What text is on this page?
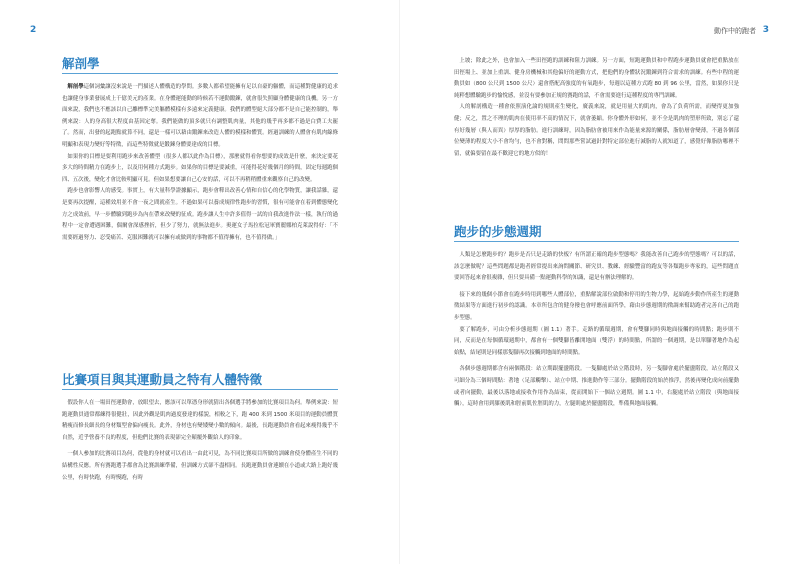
2
解剖學

解剖學這個詞彙讓沒來說是一門描述人體構造的學問。多數人都希望能擁有足以自豪的軀體，而這種對健康的追求也讓健身事業發展成上千億美元的產業。在身體運能動的時候若不運動鍛鍊，就會很失照顧身體健康的良機。另一方面來說，我們也不應該以自己離標準完美軀體模樣有多遠來定義健康。我們的體型絕大部分都不是自己能控制的，舉例來說：人的身高很大程度由基因定奪。我們能做的頂多就只有調整肌肉量，其他的幾乎再多都不過是白費工夫罷了。然而，出發的起跑點就算不同，還是一樣可以藉由鍛鍊來改造人體的模樣和體質。經過訓練的人體會有肌肉線條明顯和表現力變好等特徵，而這些特徵就是鍛鍊身體要達成的目標。

如果你的目標是要利用跑步來改善體型（很多人都以此作為目標），那麼就得看你想要的成效是什麼，來決定要花多大的時間精力在跑步上，以及用何種方式跑步。如果你的目標是要減重，可能得花好幾個月的時間，固定每週跑個四、五次後，變化才會比較明顯可見。但如果想要讓自己心安的話，可以不再稍稍體重來觀察自己的改變。

跑步也會影響人的感受。事實上，有大量科學證據顯示，跑步會釋出改善心情和自信心的化學物質，讓我話雜，還是要再次提醒，這種效用並不會一夜之間就產生。不過如果可以養成規律性跑步的習慣，很有可能會在着到體態變化方之成效前，早一步體驗到跑步為內在帶來改變的征成。跑步讓人生中許多值得一試的自我改進作法一樣，執行的過程中一定會遭遇困難，偶爾會深感挫折，但少了努力，就無法進步。奧運女子馬拉松冠軍寶麗娜柏克萊說得好：「不需要經過努力、忍受痛苦、克服困難就可以擁有或做到的事物都不值得擁有，也不值得做。」

比賽項目與其運動員之特有人體特徵

假設你人在一場田徑運動會，放眼望去，應該可以單憑身形就猜出各個選手將參加的比賽項目為何。舉例來說：短跑運動員通常都練得很健壯，因此外觀是肌肉過度發達的樣貌，相較之下，跑 400 米到 1500 米項目的運動員體質精瘦而修長細長的身材類型會偏向瘦長。此外，身材也有變矮變小數的傾向。最後，長跑運動員會看起來瘦得幾乎不自然，近乎營養不良的程度，但他們比賽的表現卻完全顛覆外觀給人的印象。

一個人參加的比賽項目為何，從他的身材就可以看出一由此可見，為不同比賽項目所做的訓練會使身體產生不同的結構性反應。所有賽跑選手都會為比賽訓練準備，但訓練方式卻不盡相同。長跑運動員會連續在小道或大路上跑好幾公里，有時快跑，有時慢跑，有時

動作中的跑者 3

上坡；除此之外，也會加入一些田徑跑的訓練和阻力訓練。另一方面，短跑運動員和中程跑步運動員就會把重點放在田徑場上、並加上重訓、健身房機械和其他偏好的運動方式，把他們的身體狀況鍛鍊到符合需求的訓練。有些中程的運動員如（800 公尺到 1500 公尺）還會搭配高強度的有氧跑步，每週以這種方式跑 80 到 96 公里，當然，如果你只是純粹想體驗跑步的愉悅感，並沒有要參加正規的賽跑的話，不會需要進行這種程度的專門訓練。

人的解剖構造一種會依照演化論的規則產生變化，廣義來說，就是用量大的肌肉，會為了負荷所需，而變得更加強健；反之，置之不理的肌肉在使用率不高的情況下，就會萎縮。你身體外形如何，並不全是肌肉的塑形所致，別忘了還有好幾層（與人而異）厚厚的脂肪。進行訓練時，因為脂肪會被用來作為能量來源的關係，脂肪層會變薄，不過各個部位變薄的程度大小不會均勻，也不會對稱，問問那些嘗試過針對特定部位進行減脂的人就知道了，感覺好像脂肪哪裡不留，就偏要留在最不歡迎它的地方似的！

跑步的步態週期

人類是怎麼跑步的？跑步是否只是走路的快板？有所謂正確的跑步型態嗎？我能改善自己跑步的型態嗎？可以的話，該怎麼做呢？這些問題都是跑者經常提出來詢問關節、研究員、教練、經驗豐富的跑友等各類跑步專家的，這些問題直要回答起來會很複雜，但只要具備一點運動科學的知識，還是有辦法理解的。

接下來的幾個小節會在跑步時用到哪些人體部位，重點解說部位啟動和停用的生物力學，起始跑步動作所產生的運動徵結果等方面進行初步的認識。本章所包含的健身撥也會呼應前面所學，藉由步態週期的徵調來幫助跑者完善自己的跑步型態。

要了解跑步，可由分析步態週期（圖 1.1）著手。走路的循環週期，會有雙腳同時與地面接觸的時間點；跑步則不同，反而是在每個循環週期中，都會有一個雙腳皆離開地面（雙浮）的時間點，所謂的一個週期，是以單腳著地作為起始點，結尾則是同樣那隻腳再次接觸到地面的時間點。

各個步態週期都含有兩個階段：站立期跟擺盪階段。一隻腳處於站立階段時，另一隻腳會處於擺盪階段，站立階段又可細分為三個時間點：著地（足部觸擊）、站立中期、推進動作等三部分。擺動階段的始於推浮，然後再變化成向前擺動或者向擺動，最後以落地或接收作用作為結束，從而開始下一個站立週期。圖 1.1 中，右腿處於站立階段（與地面接觸），這時會用到膝後肌和脛前肌佐脛肌的力，左腿則處於擺盪階段，準備與地面接觸。
